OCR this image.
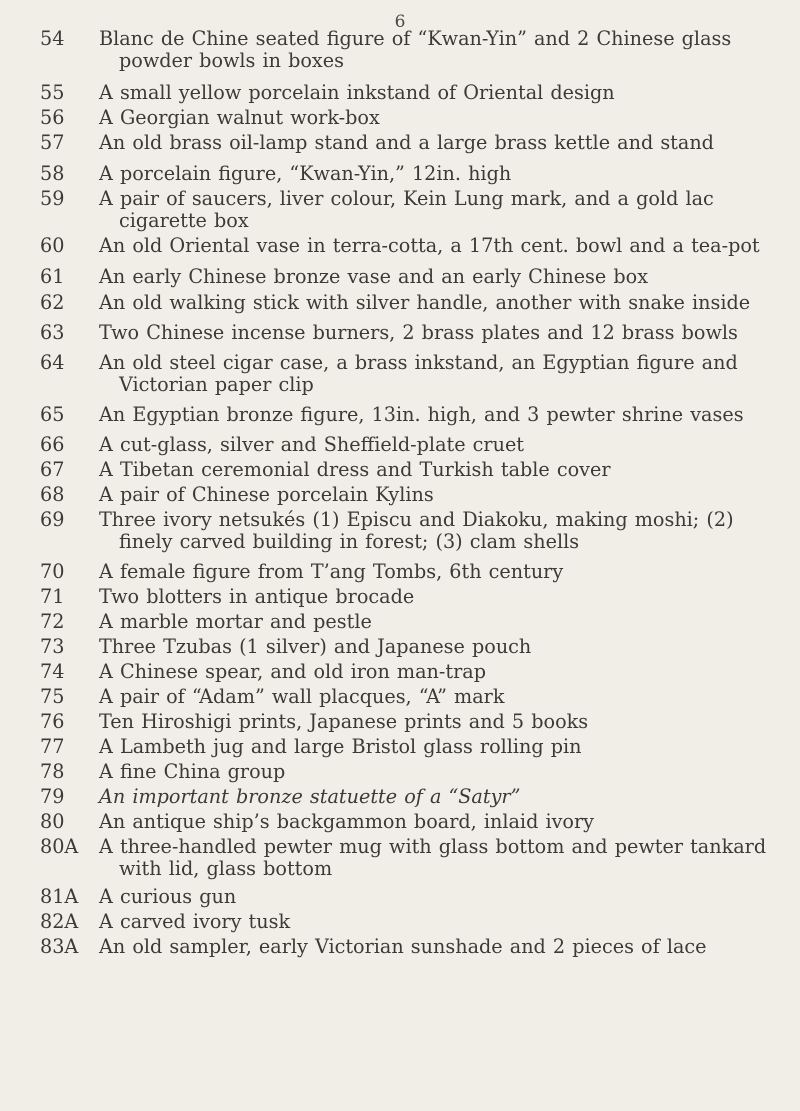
6
54	Blanc de Chine seated figure of “Kwan-Yin” and 2 Chinese glass powder bowls in boxes
55	A small yellow porcelain inkstand of Oriental design
56	A Georgian walnut work-box
57	An old brass oil-lamp stand and a large brass kettle and stand
58	A porcelain figure, “Kwan-Yin,” 12in. high
59	A pair of saucers, liver colour, Kein Lung mark, and a gold lac cigarette box
60	An old Oriental vase in terra-cotta, a 17th cent. bowl and a tea-pot
61	An early Chinese bronze vase and an early Chinese box
62	An old walking stick with silver handle, another with snake inside
63	Two Chinese incense burners, 2 brass plates and 12 brass bowls
64	An old steel cigar case, a brass inkstand, an Egyptian figure and Victorian paper clip
65	An Egyptian bronze figure, 13in. high, and 3 pewter shrine vases
66	A cut-glass, silver and Sheffield-plate cruet
67	A Tibetan ceremonial dress and Turkish table cover
68	A pair of Chinese porcelain Kylins
69	Three ivory netsukés (1) Episcu and Diakoku, making moshi; (2) finely carved building in forest; (3) clam shells
70	A female figure from T’ang Tombs, 6th century
71	Two blotters in antique brocade
72	A marble mortar and pestle
73	Three Tzubas (1 silver) and Japanese pouch
74	A Chinese spear, and old iron man-trap
75	A pair of “Adam” wall placques, “A” mark
76	Ten Hiroshigi prints, Japanese prints and 5 books
77	A Lambeth jug and large Bristol glass rolling pin
78	A fine China group
79	An important bronze statuette of a “Satyr”
80	An antique ship’s backgammon board, inlaid ivory
80A	A three-handled pewter mug with glass bottom and pewter tankard with lid, glass bottom
81A	A curious gun
82A	A carved ivory tusk
83A	An old sampler, early Victorian sunshade and 2 pieces of lace
